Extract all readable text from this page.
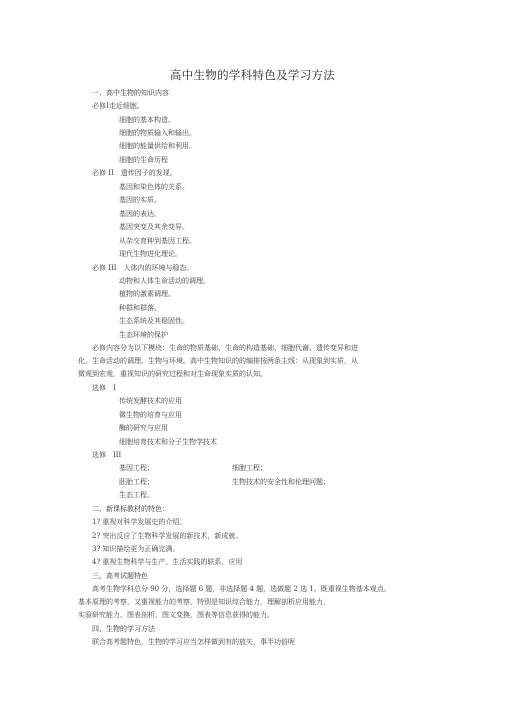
高中生物的学科特色及学习方法
一、高中生物的知识内容
必修Ⅰ走近细胞。
细胞的基本构造。
细胞的物质输入和输出。
细胞的能量供给和利用。
细胞的生命历程
必修 II　遗传因子的发现。
基因和染色体的关系。
基因的实质。
基因的表达。
基因突变及其余变异。
从杂交育种到基因工程。
现代生物进化理论。
必修 III　人体内的环境与稳态。
动物和人体生命活动的调理。
植物的激素调理。
种群和群落。
生态系统及其稳固性。
生态环境的保护
必修内容分为以下模块：生命的物质基础、生命的构造基础、细胞代谢、遗传变异和进
化、生命活动的调理、生物与环境。高中生物知识的的编排按两条主线：从现象到实质，从
微观到宏观，重视知识的研究过程和对生命现象实质的认知。
选修　Ⅰ
传统发酵技术的应用
微生物的培育与应用
酶的研究与应用
细胞培育技术和分子生物学技术
选修　III
基因工程；	细胞工程；
胚胎工程；	生物技术的安全性和伦理问题；
生态工程。
二、新课标教材的特色：
1? 重视对科学发展史的介绍。
2? 突出反应了生物科学发展的新技术，新成就。
3? 知识描绘更为正确完满。
4? 重视生物科学与生产、生活实践的联系、应用
三、高考试题特色
高考生物学科总分 90 分，选择题 6 题，非选择题 4 题，选做题 2 选 1。既重视生物基本观点、
基本原理的考察，又重视能力的考察，特别是知识综合能力，理解剖析应用能力，
实验研究能力、图表剖析，图文变换，图表等信息获得的能力。
四、生物的学习方法
联合高考题特色，生物的学习应当怎样做到有的放矢，事半功倍呢
